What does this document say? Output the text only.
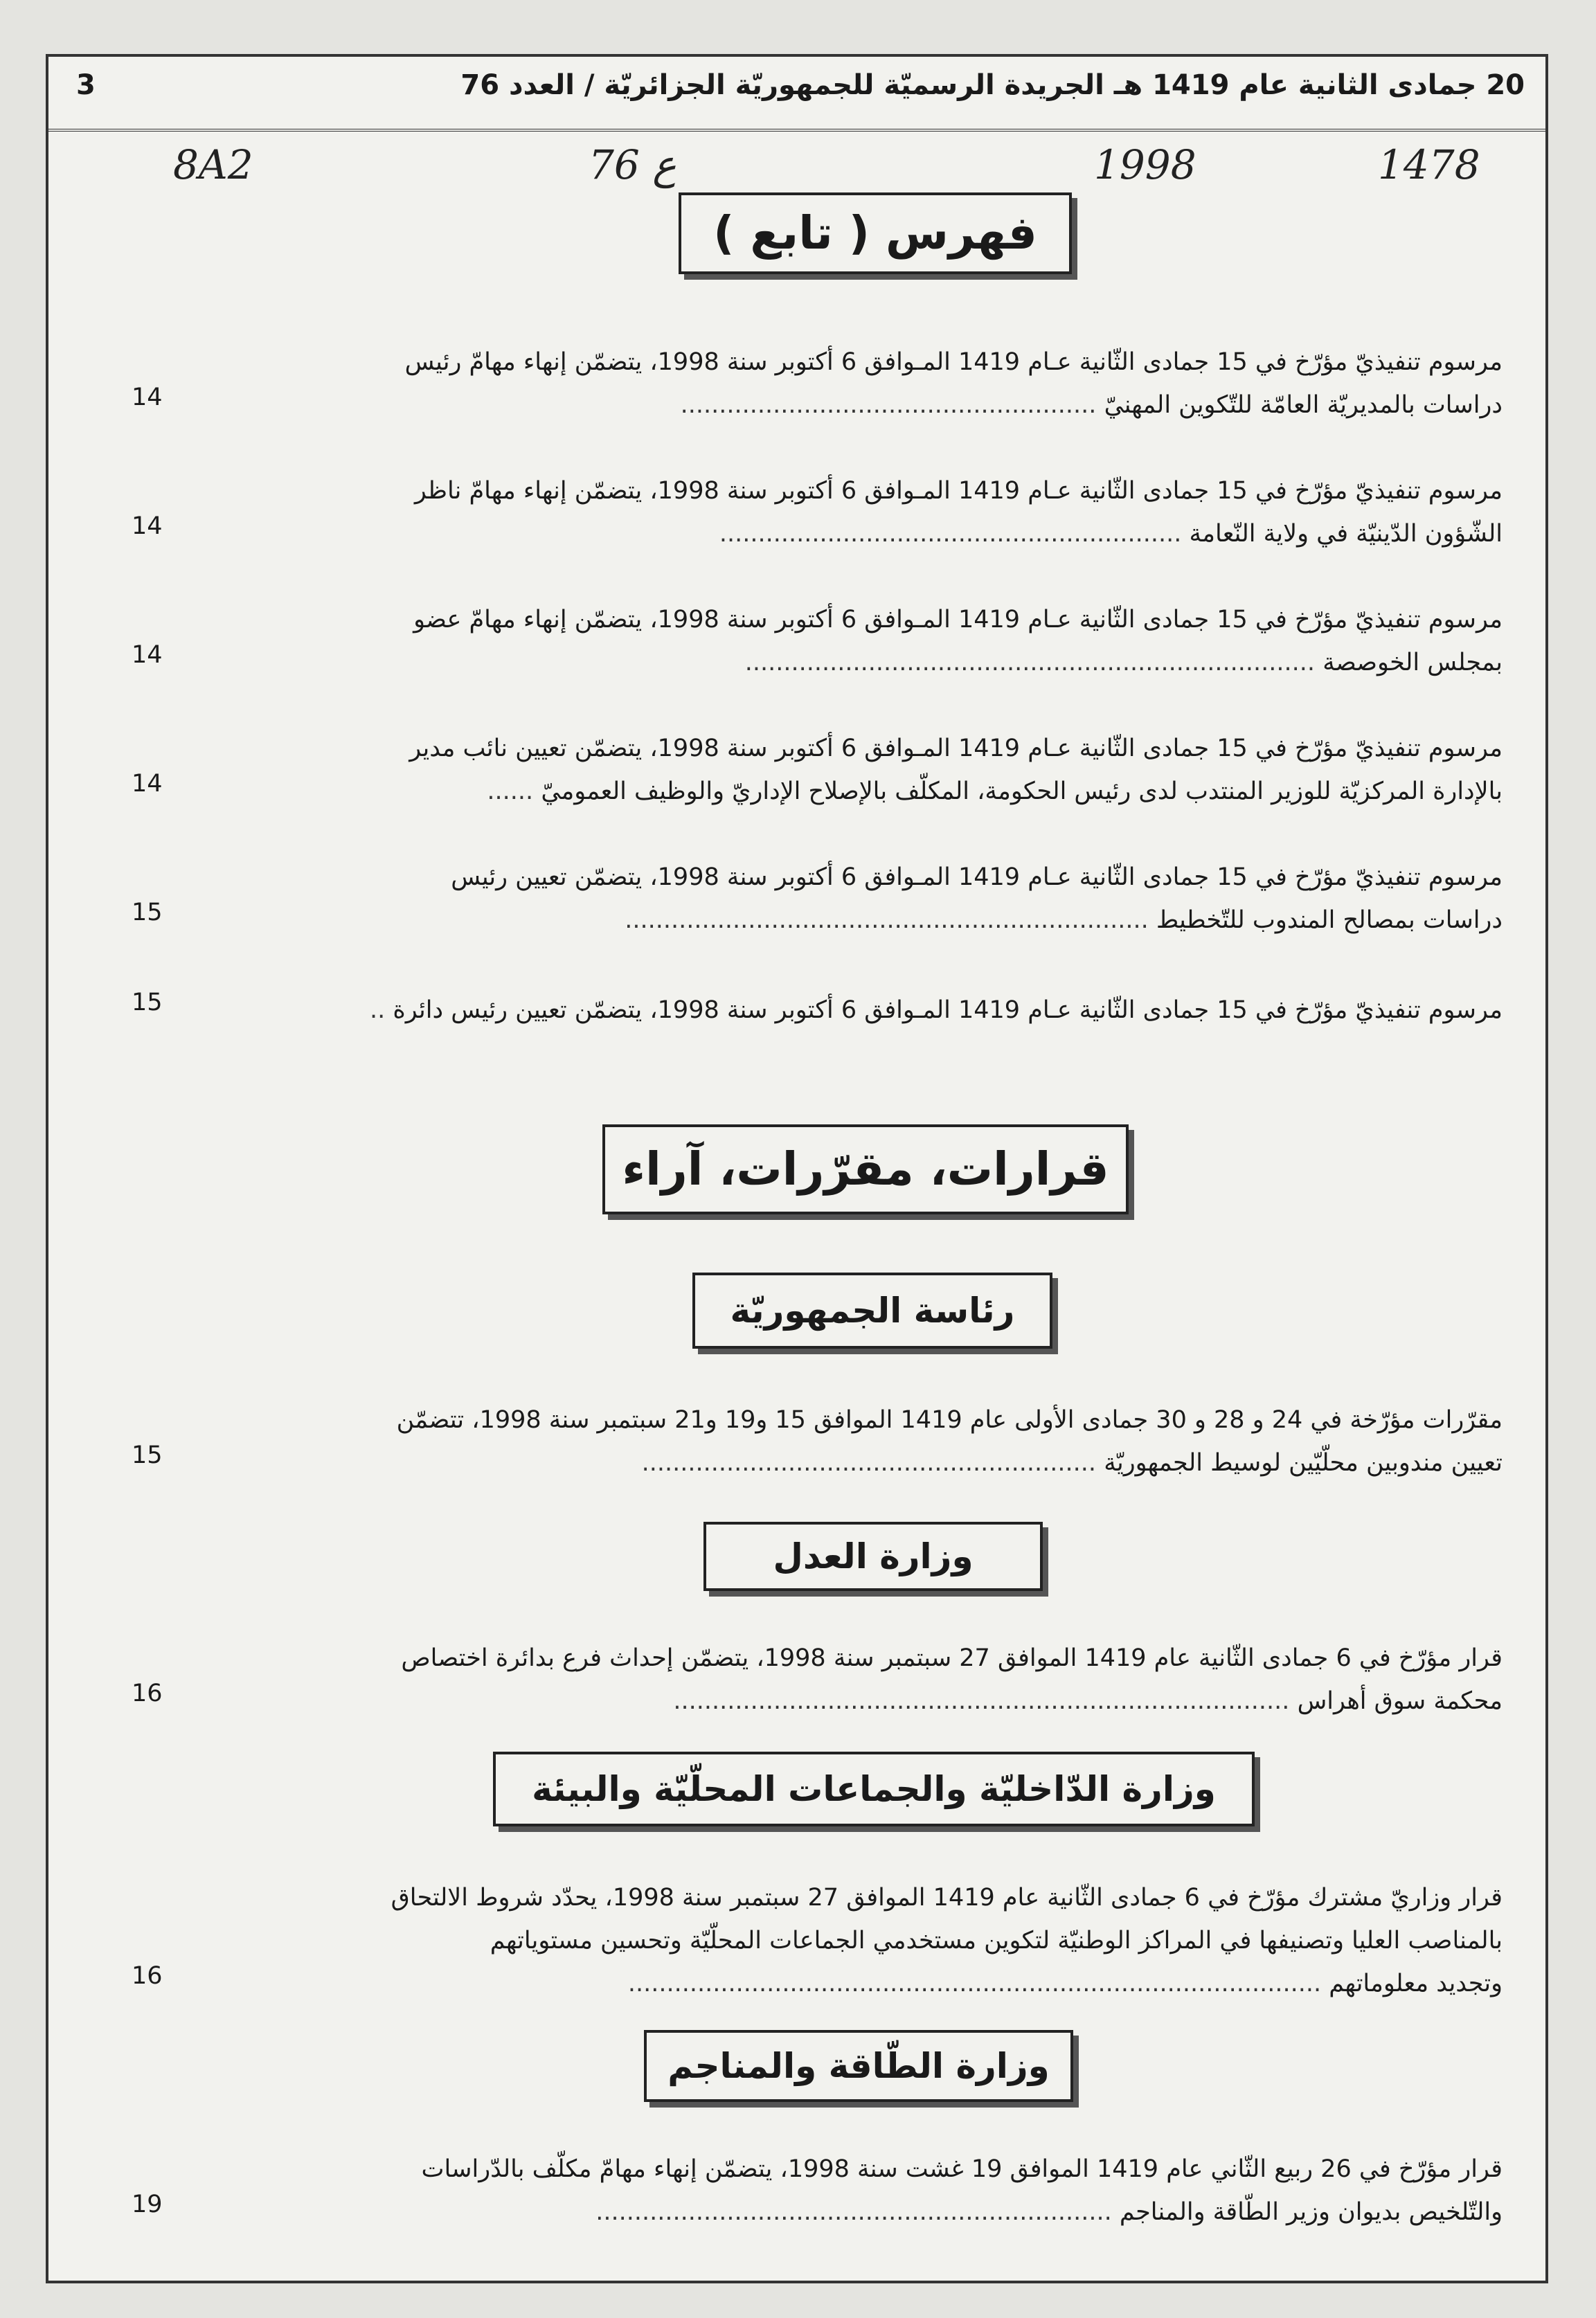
20 جمادى الثانية عام 1419 هـ الجريدة الرسميّة للجمهوريّة الجزائريّة / العدد 76
3
8A2	76 ع	1998	1478
فهرس ( تابع )
مرسوم تنفيذيّ مؤرّخ في 15 جمادى الثّانية عـام 1419 المـوافق 6 أكتوبر سنة 1998، يتضمّن إنهاء مهامّ رئيس
دراسات بالمديريّة العامّة للتّكوين المهنيّ ......................................................
14
مرسوم تنفيذيّ مؤرّخ في 15 جمادى الثّانية عـام 1419 المـوافق 6 أكتوبر سنة 1998، يتضمّن إنهاء مهامّ ناظر
الشّؤون الدّينيّة في ولاية النّعامة ............................................................
14
مرسوم تنفيذيّ مؤرّخ في 15 جمادى الثّانية عـام 1419 المـوافق 6 أكتوبر سنة 1998، يتضمّن إنهاء مهامّ عضو
بمجلس الخوصصة ..........................................................................
14
مرسوم تنفيذيّ مؤرّخ في 15 جمادى الثّانية عـام 1419 المـوافق 6 أكتوبر سنة 1998، يتضمّن تعيين نائب مدير
بالإدارة المركزيّة للوزير المنتدب لدى رئيس الحكومة، المكلّف بالإصلاح الإداريّ والوظيف العموميّ ......
14
مرسوم تنفيذيّ مؤرّخ في 15 جمادى الثّانية عـام 1419 المـوافق 6 أكتوبر سنة 1998، يتضمّن تعيين رئيس
دراسات بمصالح المندوب للتّخطيط ....................................................................
15
مرسوم تنفيذيّ مؤرّخ في 15 جمادى الثّانية عـام 1419 المـوافق 6 أكتوبر سنة 1998، يتضمّن تعيين رئيس دائرة ..
15
قرارات، مقرّرات، آراء
رئاسة الجمهوريّة
مقرّرات مؤرّخة في 24 و 28 و 30 جمادى الأولى عام 1419 الموافق 15 و19 و21 سبتمبر سنة 1998، تتضمّن
تعيين مندوبين محلّيّين لوسيط الجمهوريّة ...........................................................
15
وزارة العدل
قرار مؤرّخ في 6 جمادى الثّانية عام 1419 الموافق 27 سبتمبر سنة 1998، يتضمّن إحداث فرع بدائرة اختصاص
محكمة سوق أهراس ................................................................................
16
وزارة الدّاخليّة والجماعات المحلّيّة والبيئة
قرار وزاريّ مشترك مؤرّخ في 6 جمادى الثّانية عام 1419 الموافق 27 سبتمبر سنة 1998، يحدّد شروط الالتحاق
بالمناصب العليا وتصنيفها في المراكز الوطنيّة لتكوين مستخدمي الجماعات المحلّيّة وتحسين مستوياتهم
وتجديد معلوماتهم ..........................................................................................
16
وزارة الطّاقة والمناجم
قرار مؤرّخ في 26 ربيع الثّاني عام 1419 الموافق 19 غشت سنة 1998، يتضمّن إنهاء مهامّ مكلّف بالدّراسات
والتّلخيص بديوان وزير الطّاقة والمناجم ...................................................................
19
